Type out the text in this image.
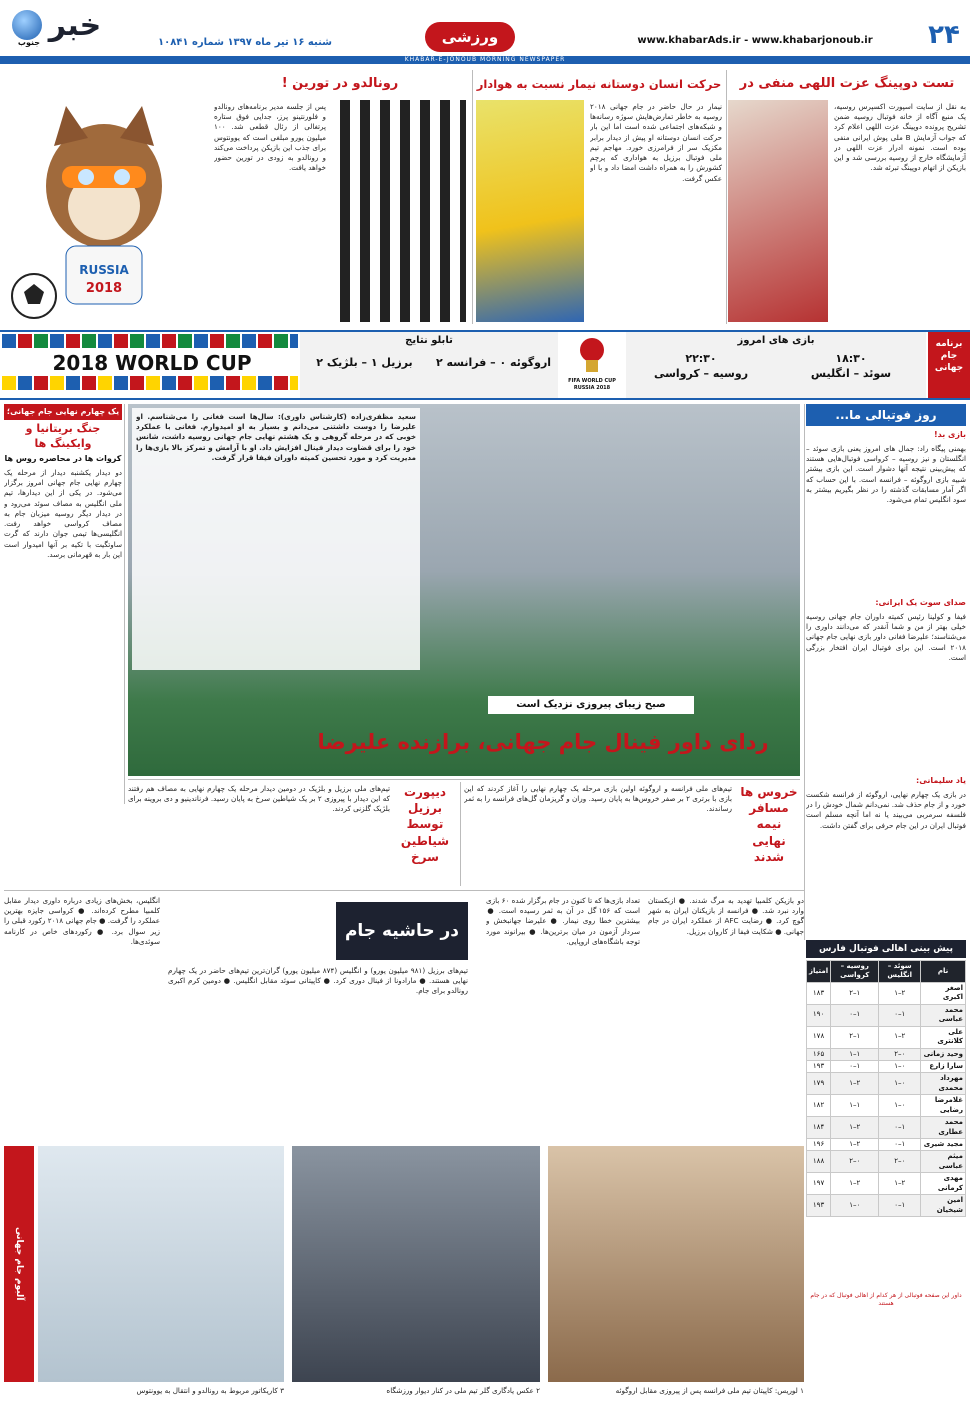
۲۴
www.khabarAds.ir - www.khabarjonoub.ir
ورزشی
خبر
جنوب	شنبه ۱۶ تیر ماه ۱۳۹۷ شماره ۱۰۸۴۱
KHABAR-E-JONOUB MORNING NEWSPAPER
تست دوپینگ عزت اللهی منفی در
به نقل از سایت اسپورت اکسپرس روسیه، یک منبع آگاه از خانه فوتبال روسیه ضمن تشریح پرونده دوپینگ عزت اللهی اعلام کرد که جواب آزمایش B ملی پوش ایرانی منفی بوده است. نمونه ادرار عزت اللهی در آزمایشگاه خارج از روسیه بررسی شد و این بازیکن از اتهام دوپینگ تبرئه شد.
حرکت انسان دوستانه نیمار نسبت به هوادار
نیمار در حال حاضر در جام جهانی ۲۰۱۸ روسیه به خاطر تمارض‌هایش سوژه رسانه‌ها و شبکه‌های اجتماعی شده است اما این بار حرکت انسان دوستانه او پیش از دیدار برابر مکزیک سر از فرامرزی خورد. مهاجم تیم ملی فوتبال برزیل به هواداری که پرچم کشورش را به همراه داشت امضا داد و با او عکس گرفت.
رونالدو در تورین !
پس از جلسه مدیر برنامه‌های رونالدو و فلورنتینو پرز، جدایی فوق ستاره پرتغالی از رئال قطعی شد. ۱۰۰ میلیون یورو مبلغی است که یوونتوس برای جذب این بازیکن پرداخت می‌کند و رونالدو به زودی در تورین حضور خواهد یافت.
RUSSIA
2018
برنامه جام جهانی
بازی های امروز
۱۸:۳۰
سوئد – انگلیس
۲۲:۳۰
روسیه – کرواسی
FIFA WORLD CUP RUSSIA 2018
تابلو نتایج
اروگوئه ۰ – فرانسه ۲
برزیل ۱ – بلژیک ۲
2018 WORLD CUP
روز فوتبالی ما...
بازی بد!
بهمنی پیگاه راد: جمال های امروز یعنی بازی سوئد – انگلستان و نیز روسیه – کرواسی فوتبال‌هایی هستند که پیش‌بینی نتیجه آنها دشوار است. این بازی بیشتر شبیه بازی اروگوئه – فرانسه است. با این حساب که اگر آمار مسابقات گذشته را در نظر بگیریم بیشتر به سود انگلیس تمام می‌شود.
صدای سوت یک ایرانی:
فیفا و کولینا رئیس کمیته داوران جام جهانی روسیه خیلی بهتر از من و شما آنقدر که می‌دانند داوری را می‌شناسند؛ علیرضا فغانی داور بازی نهایی جام جهانی ۲۰۱۸ است. این برای فوتبال ایران افتخار بزرگی است.
یاد سلیمانی:
در بازی یک چهارم نهایی، اروگوئه از فرانسه شکست خورد و از جام حذف شد. نمی‌دانم شمال خودش را در فلسفه سرمربی می‌بیند یا نه اما آنچه مسلم است فوتبال ایران در این جام حرفی برای گفتن داشت.
سعید مظفری‌زاده (کارشناس داوری): سال‌ها است فغانی را می‌شناسم. او علیرضا را دوست داشتنی می‌دانم و بسیار به او امیدوارم. فغانی با عملکرد خوبی که در مرحله گروهی و یک هشتم نهایی جام جهانی روسیه داشت، شانس خود را برای قضاوت دیدار فینال افزایش داد. او با آرامش و تمرکز بالا بازی‌ها را مدیریت کرد و مورد تحسین کمیته داوران فیفا قرار گرفت.
صبح زیبای پیروزی نزدیک است
ردای داور فینال جام جهانی، برازنده علیرضا
یک چهارم نهایی جام جهانی؛
جنگ بریتانیا و وایکینگ ها
کروات ها در محاصره روس ها
دو دیدار یکشنبه دیدار از مرحله یک چهارم نهایی جام جهانی امروز برگزار می‌شود. در یکی از این دیدارها، تیم ملی انگلیس به مصاف سوئد می‌رود و در دیدار دیگر روسیه میزبان جام به مصاف کرواسی خواهد رفت. انگلیسی‌ها تیمی جوان دارند که گرت ساوتگیت با تکیه بر آنها امیدوار است این بار به قهرمانی برسد.
خروس ها مسافر نیمه نهایی شدند
تیم‌های ملی فرانسه و اروگوئه اولین بازی مرحله یک چهارم نهایی را آغاز کردند که این بازی با برتری ۲ بر صفر خروس‌ها به پایان رسید. وران و گریزمان گل‌های فرانسه را به ثمر رساندند.
دیپورت برزیل توسط شیاطین سرخ
تیم‌های ملی برزیل و بلژیک در دومین دیدار مرحله یک چهارم نهایی به مصاف هم رفتند که این دیدار با پیروزی ۲ بر یک شیاطین سرخ به پایان رسید. فرناندینیو و دی بروینه برای بلژیک گلزنی کردند.
در حاشیه جام
دو بازیکن کلمبیا تهدید به مرگ شدند. ● ازبکستان وارد نبرد شد. ● فرانسه از بازیکنان ایران به شهر گوچ کرد. ● رضایت AFC از عملکرد ایران در جام جهانی. ● شکایت فیفا از کاروان برزیل.
تعداد بازی‌ها که تا کنون در جام برگزار شده ۶۰ بازی است که ۱۵۶ گل در آن به ثمر رسیده است. ● بیشترین خطا روی نیمار. ● علیرضا جهانبخش و سردار آزمون در میان برترین‌ها. ● بیرانوند مورد توجه باشگاه‌های اروپایی.
تیم‌های برزیل (۹۸۱ میلیون یورو) و انگلیس (۸۷۴ میلیون یورو) گران‌ترین تیم‌های حاضر در یک چهارم نهایی هستند. ● مارادونا از فینال دوری کرد. ● کاپیتانی سوئد مقابل انگلیس. ● دومین کرم اکبری رونالدو برای جام.
انگلیس، بخش‌های زیادی درباره داوری دیدار مقابل کلمبیا مطرح کرده‌اند. ● کرواسی جایزه بهترین عملکرد را گرفت. ● جام جهانی ۲۰۱۸ رکورد قبلی را زیر سوال برد. ● رکوردهای خاص در کارنامه سوئدی‌ها.
پیش بینی اهالی فوتبال فارس
نام	سوئد – انگلیس	روسیه – کرواسی	امتیاز
اصغر اکبری	۲–۱	۱–۲	۱۸۳
محمد عباسی	۱–۰	۱–۰	۱۹۰
علی کلانتری	۲–۱	۱–۲	۱۷۸
وحید زمانی	۰–۲	۱–۱	۱۶۵
سارا زارع	۰–۱	۱–۰	۱۹۳
مهرداد محمدی	۰–۱	۲–۱	۱۷۹
غلامرضا رضایی	۰–۱	۱–۱	۱۸۲
محمد عطاری	۱–۰	۲–۱	۱۸۴
مجید شیری	۱–۰	۲–۱	۱۹۶
میثم عباسی	۰–۲	۰–۲	۱۸۸
مهدی کرمانی	۲–۱	۲–۱	۱۹۷
امین شیخیان	۱–۰	۰–۱	۱۹۳
داور این صفحه فوتبالی از هر کدام از اهالی فوتبال که در جام هستند
آلبوم جام جهانی
۳ کاریکاتور مربوط به رونالدو و انتقال به یوونتوس	۲ عکس یادگاری گلر تیم ملی در کنار دیوار ورزشگاه	۱ لوریس: کاپیتان تیم ملی فرانسه پس از پیروزی مقابل اروگوئه
